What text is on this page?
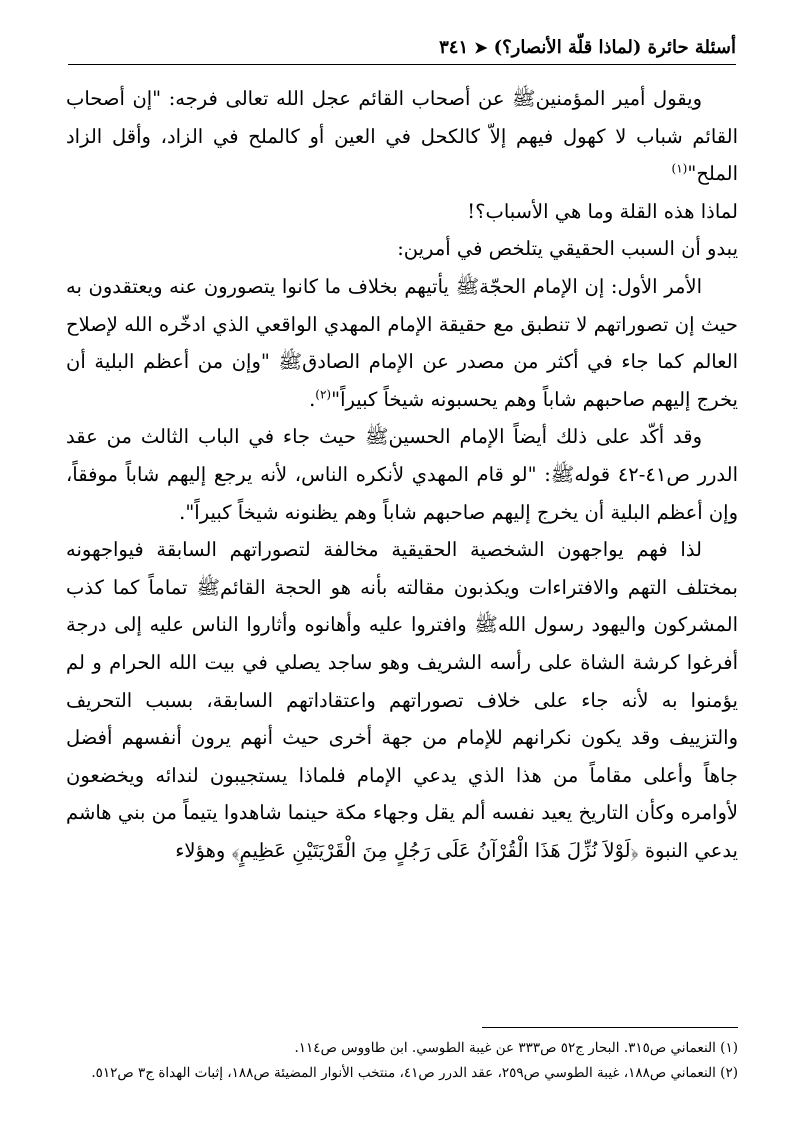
أسئلة حائرة (لماذا قلّة الأنصار؟)
➤
٣٤١

ويقول أمير المؤمنينﷺ عن أصحاب القائم عجل الله تعالى فرجه: "إن أصحاب القائم شباب لا كهول فيهم إلاّ كالكحل في العين أو كالملح في الزاد، وأقل الزاد الملح"$^{(١)}$

لماذا هذه القلة وما هي الأسباب؟!

يبدو أن السبب الحقيقي يتلخص في أمرين:

الأمر الأول: إن الإمام الحجّةﷺ يأتيهم بخلاف ما كانوا يتصورون عنه ويعتقدون به حيث إن تصوراتهم لا تنطبق مع حقيقة الإمام المهدي الواقعي الذي ادخّره الله لإصلاح العالم كما جاء في أكثر من مصدر عن الإمام الصادقﷺ "وإن من أعظم البلية أن يخرج إليهم صاحبهم شاباً وهم يحسبونه شيخاً كبيراً"$^{(٢)}$.

وقد أكّد على ذلك أيضاً الإمام الحسينﷺ حيث جاء في الباب الثالث من عقد الدرر ص٤١-٤٢ قولهﷺ: "لو قام المهدي لأنكره الناس، لأنه يرجع إليهم شاباً موفقاً، وإن أعظم البلية أن يخرج إليهم صاحبهم شاباً وهم يظنونه شيخاً كبيراً".

لذا فهم يواجهون الشخصية الحقيقية مخالفة لتصوراتهم السابقة فيواجهونه بمختلف التهم والافتراءات ويكذبون مقالته بأنه هو الحجة القائمﷺ تماماً كما كذب المشركون واليهود رسول اللهﷺ وافتروا عليه وأهانوه وأثاروا الناس عليه إلى درجة أفرغوا كرشة الشاة على رأسه الشريف وهو ساجد يصلي في بيت الله الحرام و لم يؤمنوا به لأنه جاء على خلاف تصوراتهم واعتقاداتهم السابقة، بسبب التحريف والتزييف وقد يكون نكرانهم للإمام من جهة أخرى حيث أنهم يرون أنفسهم أفضل جاهاً وأعلى مقاماً من هذا الذي يدعي الإمام فلماذا يستجيبون لندائه ويخضعون لأوامره وكأن التاريخ يعيد نفسه ألم يقل وجهاء مكة حينما شاهدوا يتيماً من بني هاشم يدعي النبوة ﴿لَوْلاَ نُزِّلَ هَذَا الْقُرْآنُ عَلَى رَجُلٍ مِنَ الْقَرْيَتَيْنِ عَظِيمٍ﴾ وهؤلاء

(١) النعماني ص٣١٥. البحار ج٥٢ ص٣٣٣ عن غيبة الطوسي. ابن طاووس ص١١٤.

(٢) النعماني ص١٨٨، غيبة الطوسي ص٢٥٩، عقد الدرر ص٤١، منتخب الأنوار المضيئة ص١٨٨، إثبات الهداة ج٣ ص٥١٢.
